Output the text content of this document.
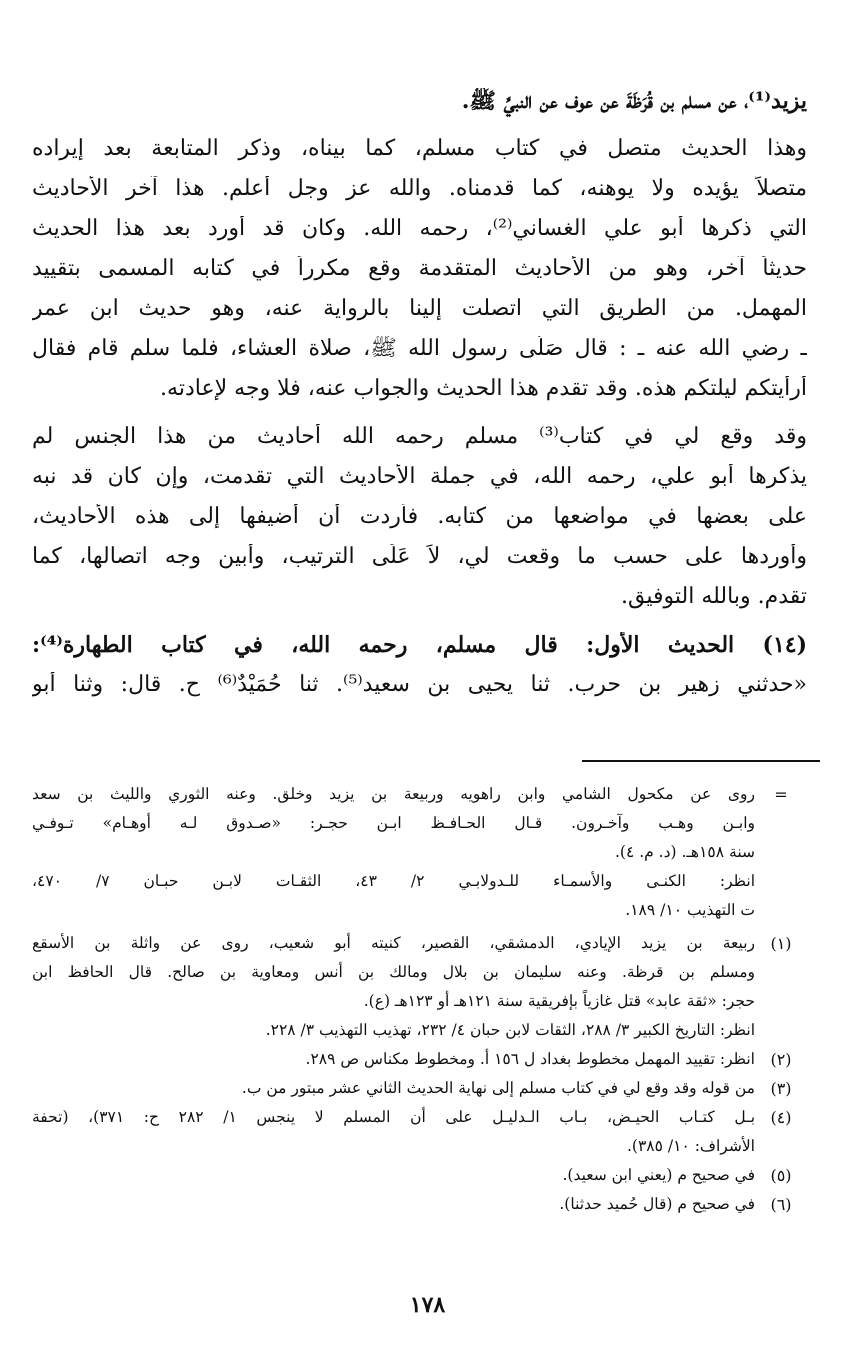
يزيد⁽¹⁾، عن مسلم بن قُرَظَةَ عن عوف عن النبيِّ ﷺ.
وهذا الحديث متصل في كتاب مسلم، كما بيناه، وذكر المتابعة بعد إيراده
متصلاً يؤيده ولا يوهنه، كما قدمناه. والله عز وجل أعلم. هذا آخر الأحاديث
التي ذكرها أبو علي الغساني⁽²⁾، رحمه الله. وكان قد أورد بعد هذا الحديث
حديثاً آخر، وهو من الأحاديث المتقدمة وقع مكرراً في كتابه المسمى بتقييد
المهمل. من الطريق التي اتصلت إلينا بالرواية عنه، وهو حديث ابن عمر
ـ رضي الله عنه ـ : قال صَلَّى رسول الله ﷺ، صلاة العشاء، فلما سلم قام فقال
أرأيتكم ليلتكم هذه. وقد تقدم هذا الحديث والجواب عنه، فلا وجه لإعادته.
وقد وقع لي في كتاب⁽³⁾ مسلم رحمه الله أحاديث من هذا الجنس لم
يذكرها أبو علي، رحمه الله، في جملة الأحاديث التي تقدمت، وإن كان قد نبه
على بعضها في مواضعها من كتابه. فأردت أن أضيفها إلى هذه الأحاديث،
وأوردها على حسب ما وقعت لي، لاَ عَلَى الترتيب، وأبين وجه اتصالها، كما
تقدم. وبالله التوفيق.
(١٤) الحديث الأول: قال مسلم، رحمه الله، في كتاب الطهارة⁽⁴⁾:
«حدثني زهير بن حرب. ثنا يحيى بن سعيد⁽⁵⁾. ثنا حُمَيْدٌ⁽⁶⁾ ح. قال: وثنا أبو
=
روى عن مكحول الشامي وابن راهويه وربيعة بن يزيد وخلق. وعنه الثوري والليث بن سعد
وابـن وهـب وآخـرون. قـال الحـافـظ ابـن حجـر: «صـدوق لـه أوهـام» تـوفـي
سنة ١٥٨هـ. (د. م. ٤).
انظر: الكنـى والأسمـاء للـدولابـي ٢/ ٤٣، الثقـات لابـن حبـان ٧/ ٤٧٠،
ت التهذيب ١٠/ ١٨٩.
(١)
ربيعة بن يزيد الإيادي، الدمشقي، القصير، كنيته أبو شعيب، روى عن واثلة بن الأسقع
ومسلم بن قرظة. وعنه سليمان بن بلال ومالك بن أنس ومعاوية بن صالح. قال الحافظ ابن
حجر: «ثقة عابد» قتل غازياً بإفريقية سنة ١٢١هـ أو ١٢٣هـ (ع).
انظر: التاريخ الكبير ٣/ ٢٨٨، الثقات لابن حبان ٤/ ٢٣٢، تهذيب التهذيب ٣/ ٢٢٨.
(٢)
انظر: تقييد المهمل مخطوط بغداد ل ١٥٦ أ. ومخطوط مكناس ص ٢٨٩.
(٣)
من قوله وقد وقع لي في كتاب مسلم إلى نهاية الحديث الثاني عشر مبتور من ب.
(٤)
بـل كتـاب الحيـض، بـاب الـدليـل على أن المسلم لا ينجس ١/ ٢٨٢ ح: ٣٧١)، (تحفة
الأشراف: ١٠/ ٣٨٥).
(٥)
في صحيح م (يعني ابن سعيد).
(٦)
في صحيح م (قال حُميد حدثنا).
١٧٨
